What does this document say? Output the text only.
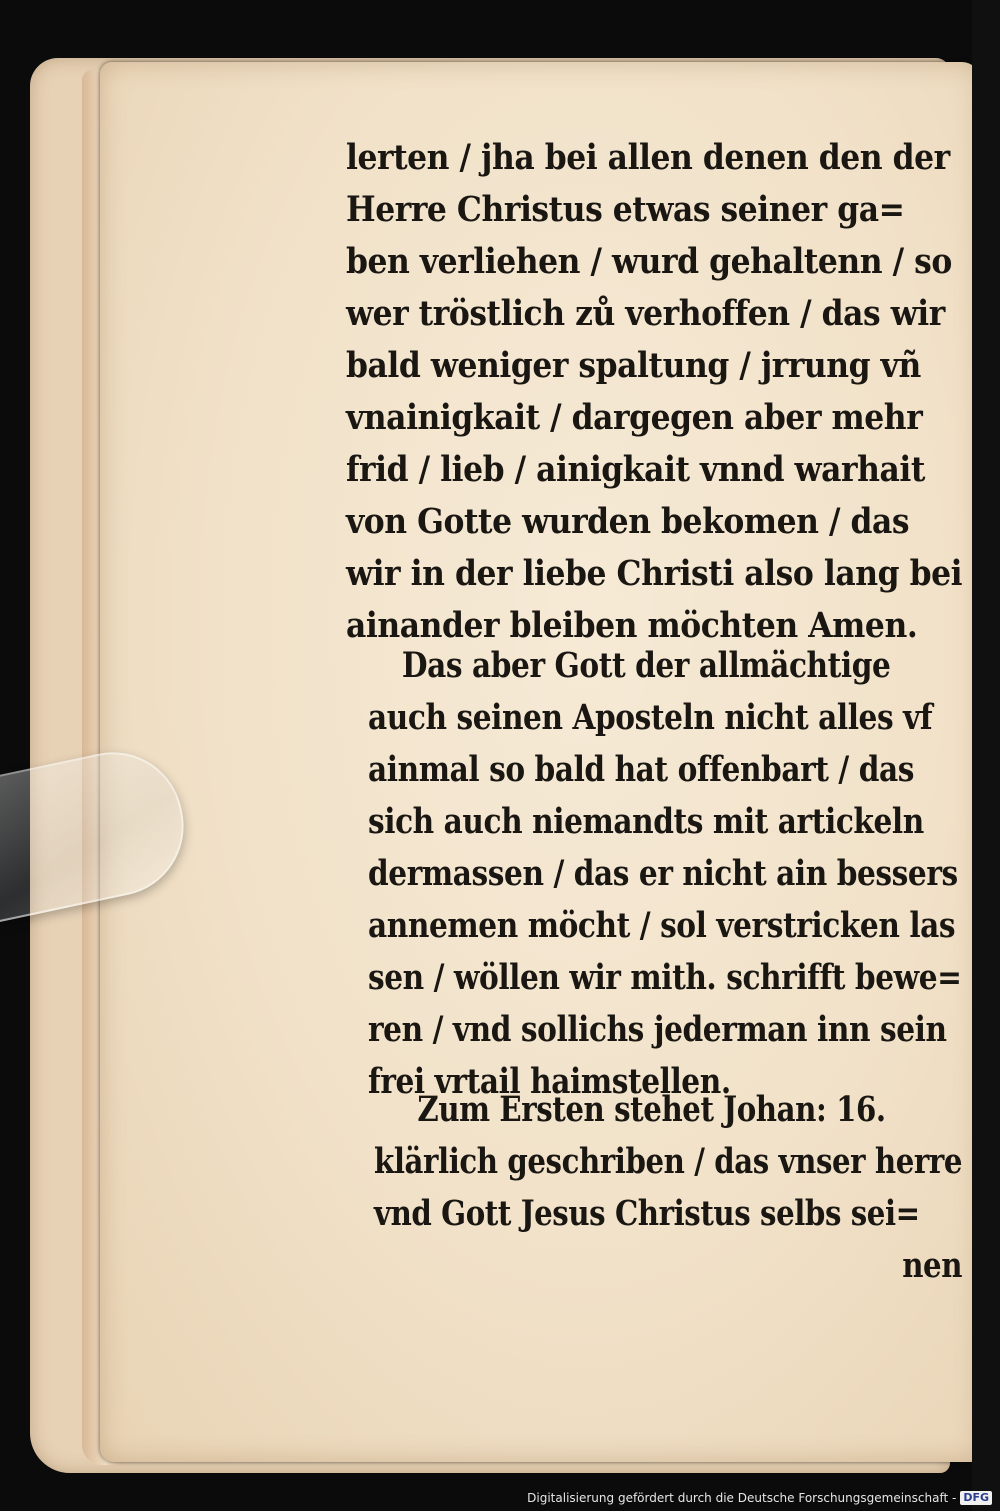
lerten / jha bei allen denen den der
Herre Christus etwas seiner ga=
ben verliehen / wurd gehaltenn / so
wer tröstlich zů verhoffen / das wir
bald weniger spaltung / jrrung vñ
vnainigkait / dargegen aber mehr
frid / lieb / ainigkait vnnd warhait
von Gotte wurden bekomen / das
wir in der liebe Christi also lang bei
ainander bleiben möchten Amen.
Das aber Gott der allmächtige
auch seinen Aposteln nicht alles vf
ainmal so bald hat offenbart / das
sich auch niemandts mit artickeln
dermassen / das er nicht ain bessers
annemen möcht / sol verstricken las
sen / wöllen wir mith. schrifft bewe=
ren / vnd sollichs jederman inn sein
frei vrtail haimstellen.
Zum Ersten stehet Johan: 16.
klärlich geschriben / das vnser herre
vnd Gott Jesus Christus selbs sei=
nen
Digitalisierung gefördert durch die Deutsche Forschungsgemeinschaft - DFG
